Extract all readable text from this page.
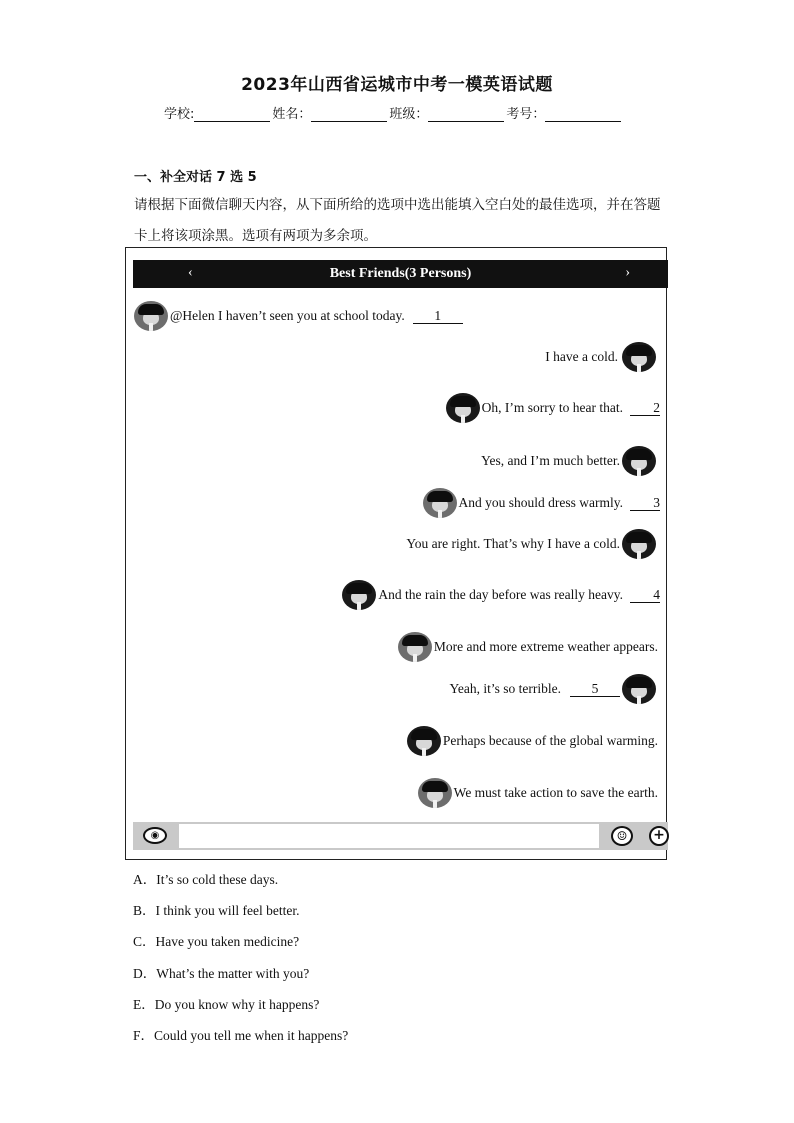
2023年山西省运城市中考一模英语试题
学校:	姓名：	班级：	考号：
一、补全对话 7 选 5
请根据下面微信聊天内容，从下面所给的选项中选出能填入空白处的最佳选项，并在答题卡上将该项涂黑。选项有两项为多余项。
‹	Best Friends(3 Persons)	›
@Helen I haven’t seen you at school today.	1
I have a cold.
Oh, I’m sorry to hear that.	2
Yes, and I’m much better.
And you should dress warmly.	3
You are right. That’s why I have a cold.
And the rain the day before was really heavy.	4
More and more extreme weather appears.
Yeah, it’s so terrible.	5
Perhaps because of the global warming.
We must take action to save the earth.
◉	☺	+
A．It’s so cold these days.
B．I think you will feel better.
C．Have you taken medicine?
D．What’s the matter with you?
E．Do you know why it happens?
F．Could you tell me when it happens?
